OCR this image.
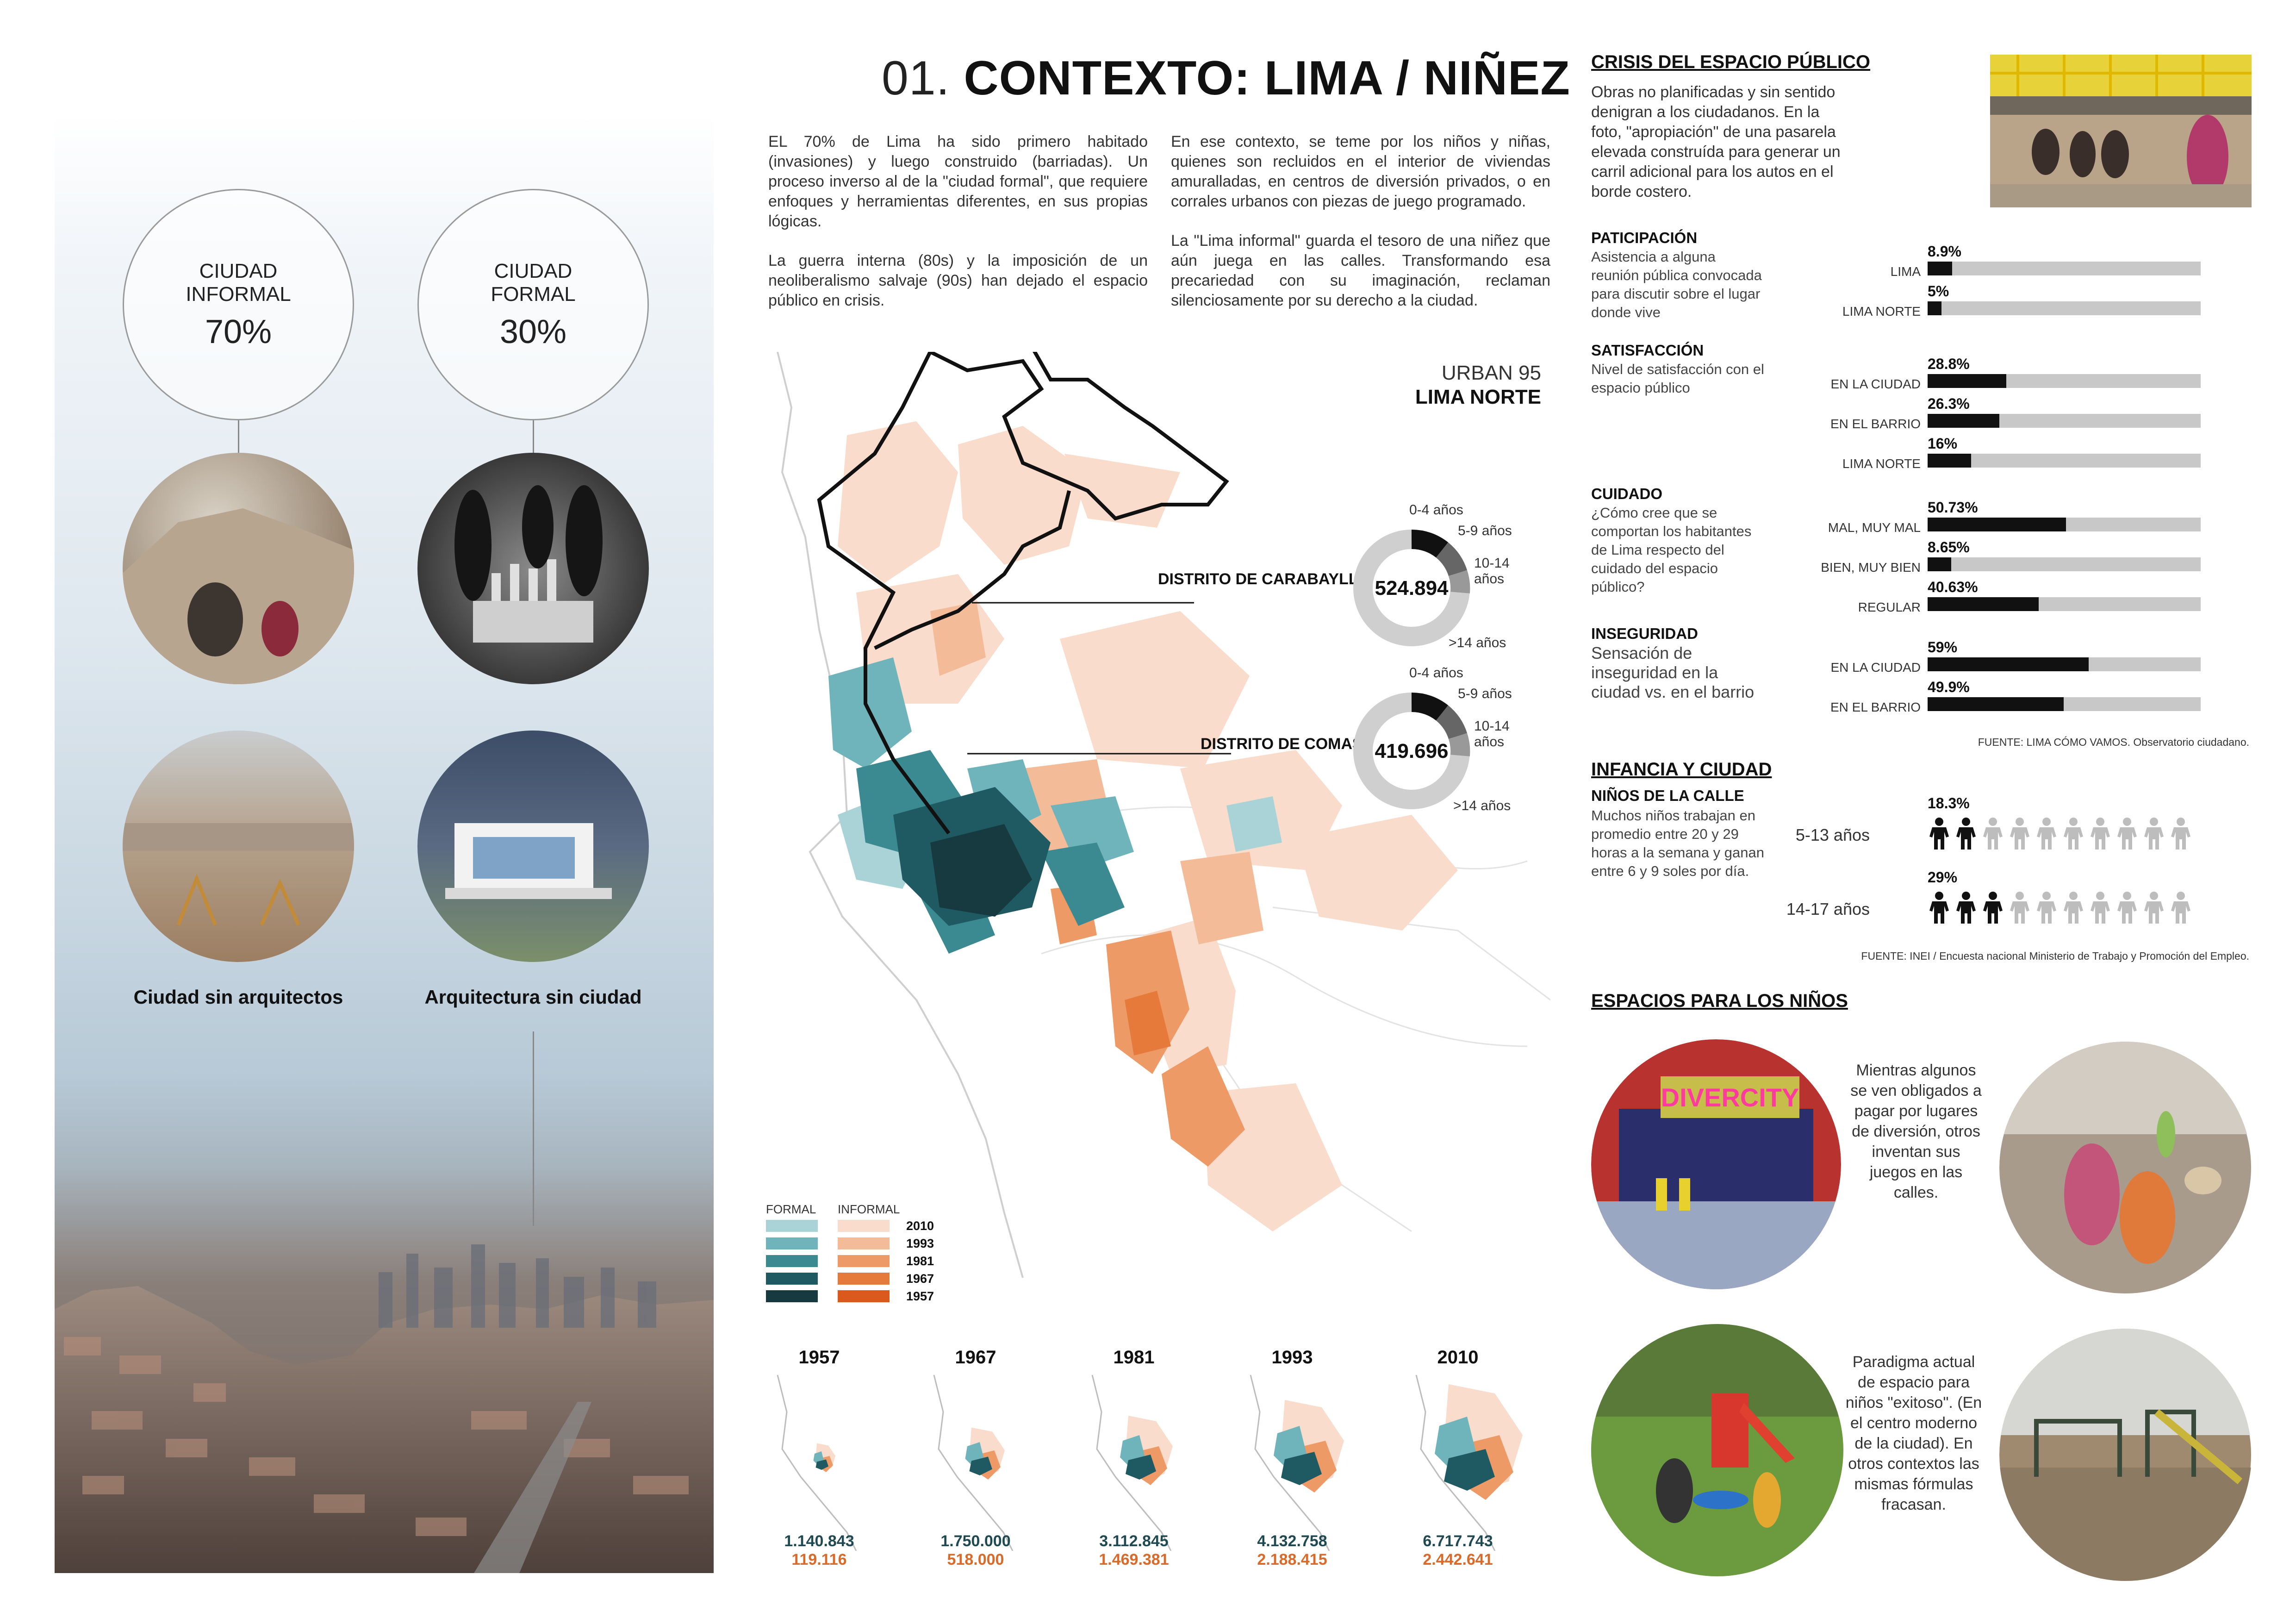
CIUDAD INFORMAL
70%
CIUDAD FORMAL
30%
Ciudad sin arquitectos	Arquitectura sin ciudad
01. CONTEXTO: LIMA / NIÑEZ

EL 70% de Lima ha sido primero habitado (invasiones) y luego construido (barriadas). Un proceso inverso al de la "ciudad formal", que requiere enfoques y herramientas diferentes, en sus propias lógicas.

La guerra interna (80s) y la imposición de un neoliberalismo salvaje (90s) han dejado el espacio público en crisis.

En ese contexto, se teme por los niños y niñas, quienes son recluidos en el interior de viviendas amuralladas, en centros de diversión privados, o en corrales urbanos con piezas de juego programado.

La "Lima informal" guarda el tesoro de una niñez que aún juega en las calles. Transformando esa precariedad con su imaginación, reclaman silenciosamente por su derecho a la ciudad.

URBAN 95
LIMA NORTE
DISTRITO DE CARABAYLLO
DISTRITO DE COMAS
524.894
0-4 años
5-9 años
10-14 años
>14 años
419.696
0-4 años
5-9 años
10-14 años
>14 años
FORMAL INFORMAL
2010
1993
1981
1967
1957
1957
1.140.843
119.116
1967
1.750.000
518.000
1981
3.112.845
1.469.381
1993
4.132.758
2.188.415
2010
6.717.743
2.442.641
CRISIS DEL ESPACIO PÚBLICO
Obras no planificadas y sin sentido denigran a los ciudadanos. En la foto, "apropiación" de una pasarela elevada construída para generar un carril adicional para los autos en el borde costero.
PATICIPACIÓN
Asistencia a alguna reunión pública convocada para discutir sobre el lugar donde vive
8.9%
LIMA
5%
LIMA NORTE
SATISFACCIÓN
Nivel de satisfacción con el espacio público
28.8%
EN LA CIUDAD
26.3%
EN EL BARRIO
16%
LIMA NORTE
CUIDADO
¿Cómo cree que se comportan los habitantes de Lima respecto del cuidado del espacio público?
50.73%
MAL, MUY MAL
8.65%
BIEN, MUY BIEN
40.63%
REGULAR
INSEGURIDAD
Sensación de inseguridad en la ciudad vs. en el barrio
59%
EN LA CIUDAD
49.9%
EN EL BARRIO
FUENTE: LIMA CÓMO VAMOS. Observatorio ciudadano.
INFANCIA Y CIUDAD
NIÑOS DE LA CALLE
Muchos niños trabajan en promedio entre 20 y 29 horas a la semana y ganan entre 6 y 9 soles por día.
18.3%
5-13 años
29%
14-17 años
FUENTE: INEI / Encuesta nacional Ministerio de Trabajo y Promoción del Empleo.
ESPACIOS PARA LOS NIÑOS
DIVERCITY
Mientras algunos se ven obligados a pagar por lugares de diversión, otros inventan sus juegos en las calles.
Paradigma actual de espacio para niños "exitoso". (En el centro moderno de la ciudad). En otros contextos las mismas fórmulas fracasan.
